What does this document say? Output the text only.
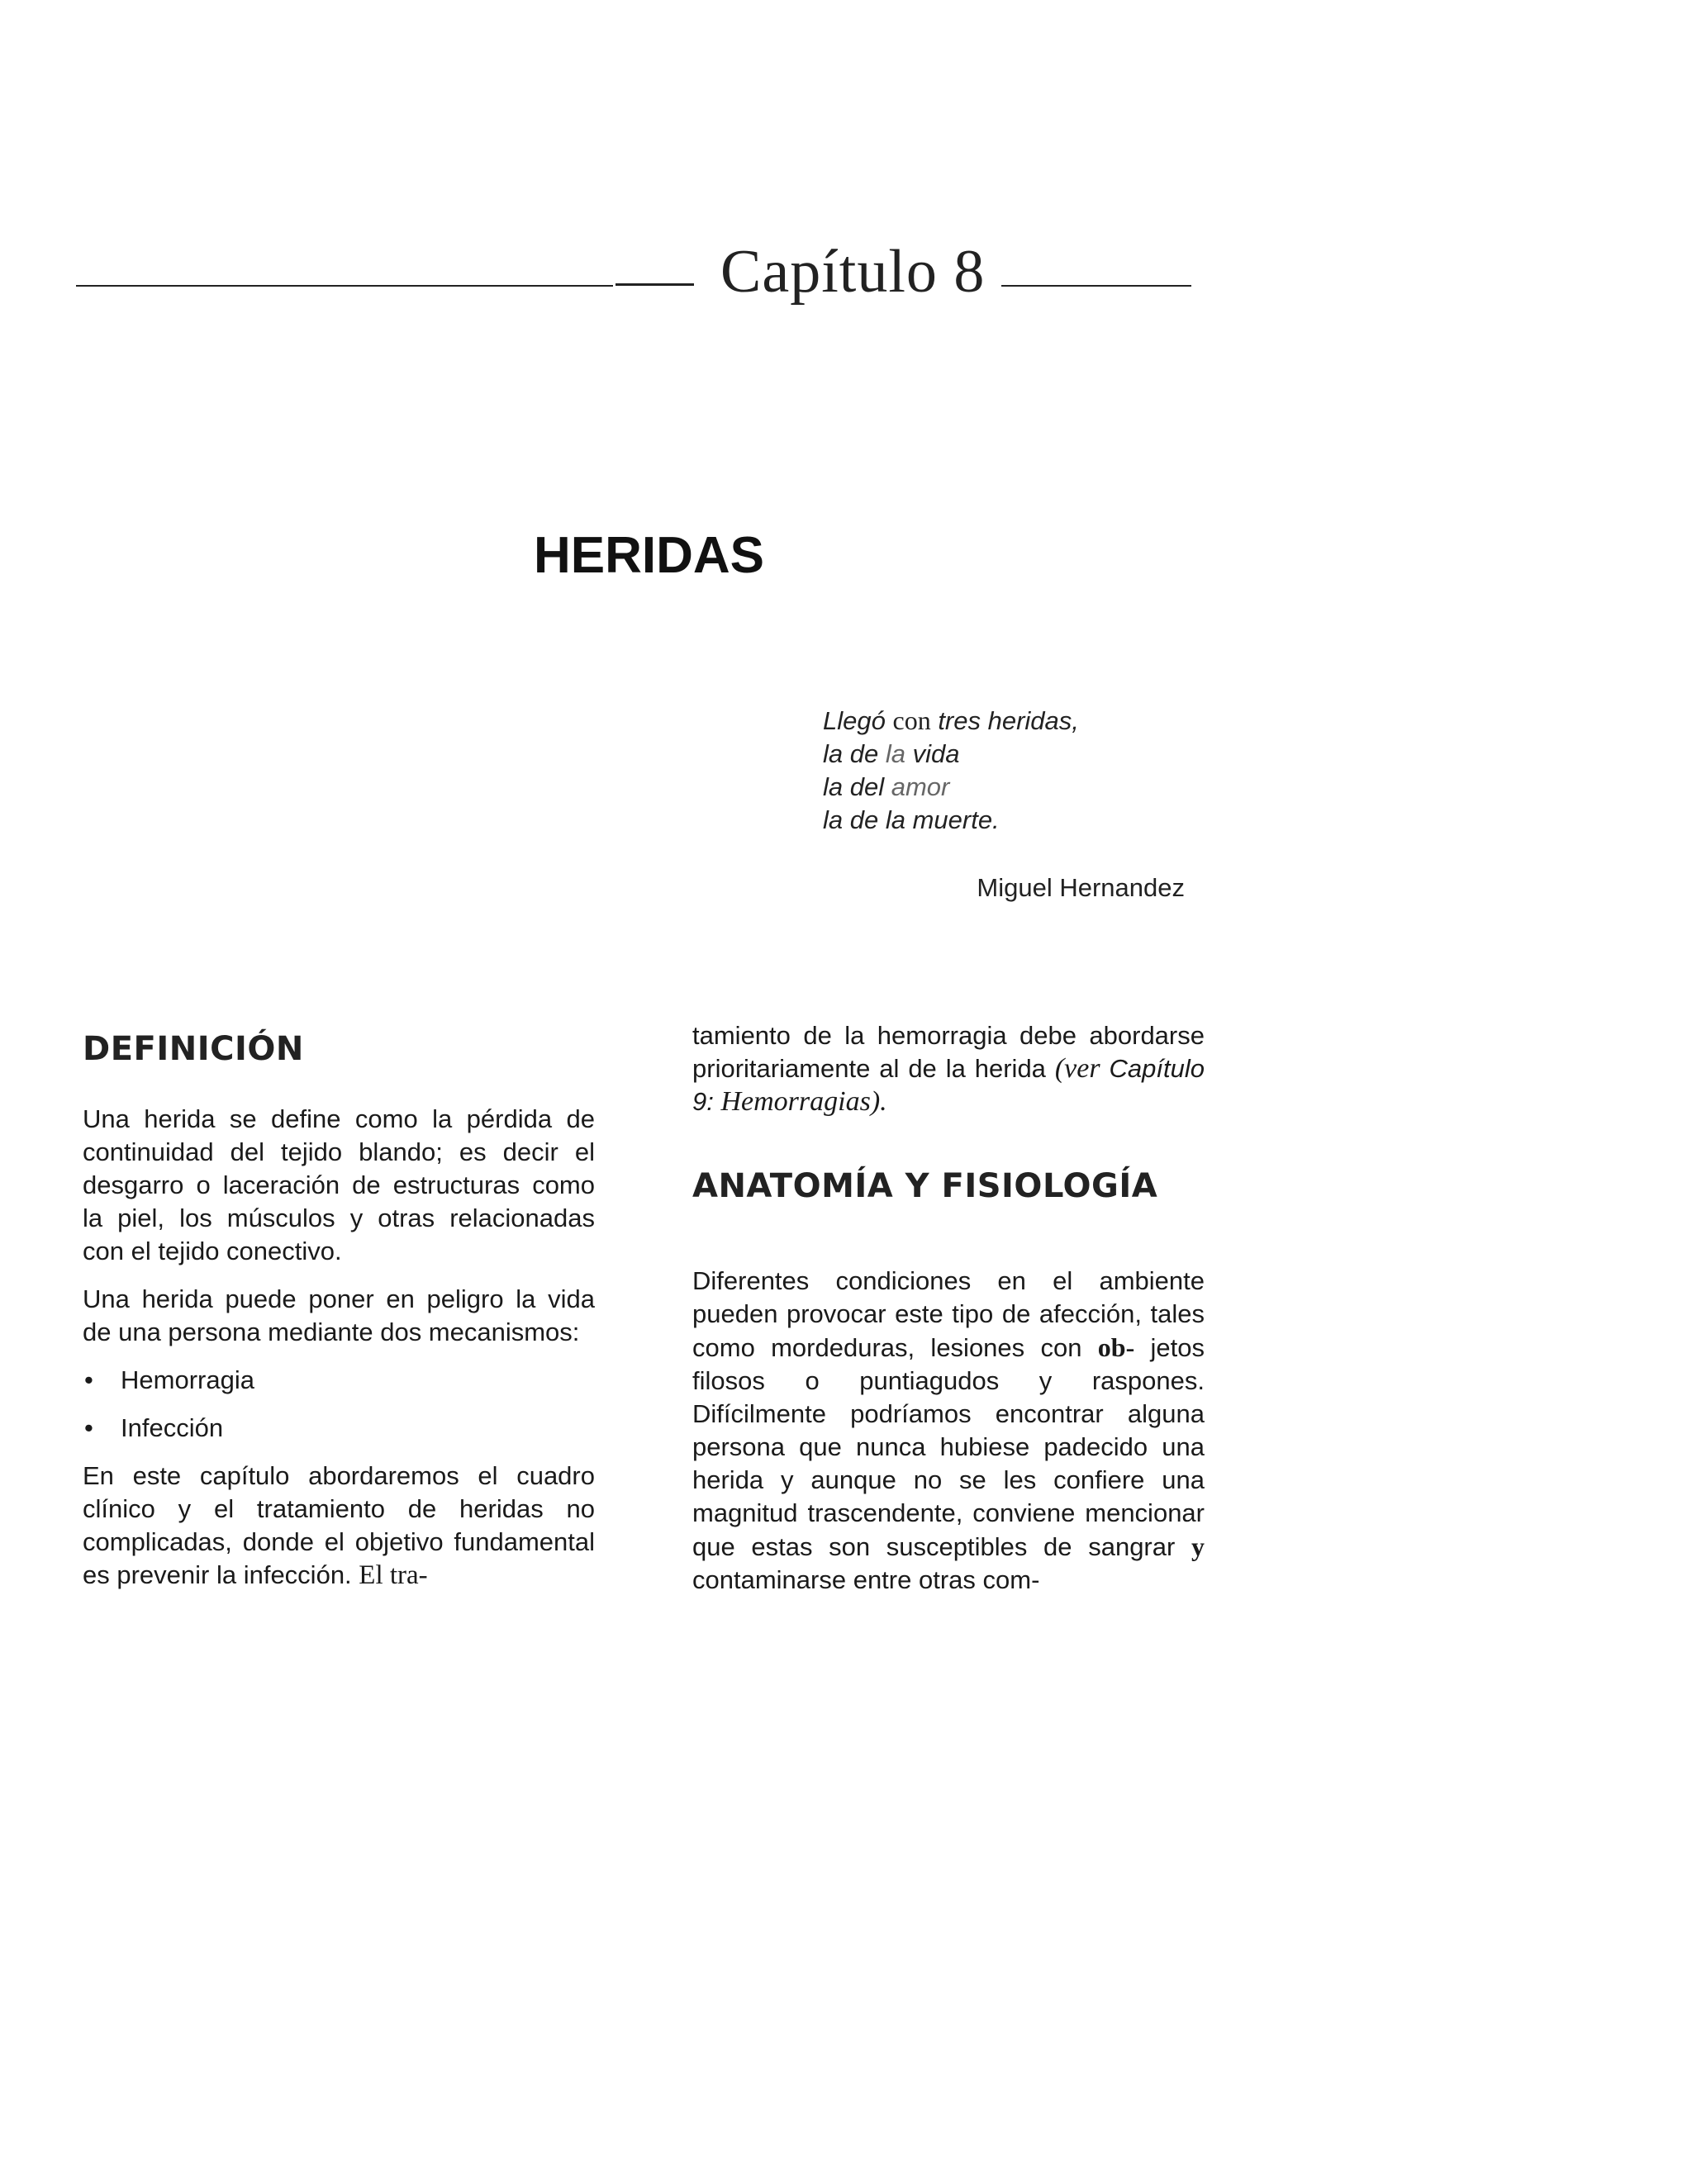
Capítulo 8
HERIDAS
Llegó con tres heridas,
la de la vida
la del amor
la de la muerte.
Miguel Hernandez
DEFINICIÓN

Una herida se define como la pérdida de continuidad del tejido blando; es decir el desgarro o laceración de estructuras como la piel, los músculos y otras relacionadas con el tejido conectivo.

Una herida puede poner en peligro la vida de una persona mediante dos mecanismos:

• Hemorragia
• Infección

En este capítulo abordaremos el cuadro clínico y el tratamiento de heridas no complicadas, donde el objetivo fundamental es prevenir la infección. El tra-

tamiento de la hemorragia debe abordarse prioritariamente al de la herida (ver Capítulo 9: Hemorragias).

ANATOMÍA Y FISIOLOGÍA

Diferentes condiciones en el ambiente pueden provocar este tipo de afección, tales como mordeduras, lesiones con ob- jetos filosos o puntiagudos y raspones. Difícilmente podríamos encontrar alguna persona que nunca hubiese padecido una herida y aunque no se les confiere una magnitud trascendente, conviene mencionar que estas son susceptibles de sangrar y contaminarse entre otras com-
